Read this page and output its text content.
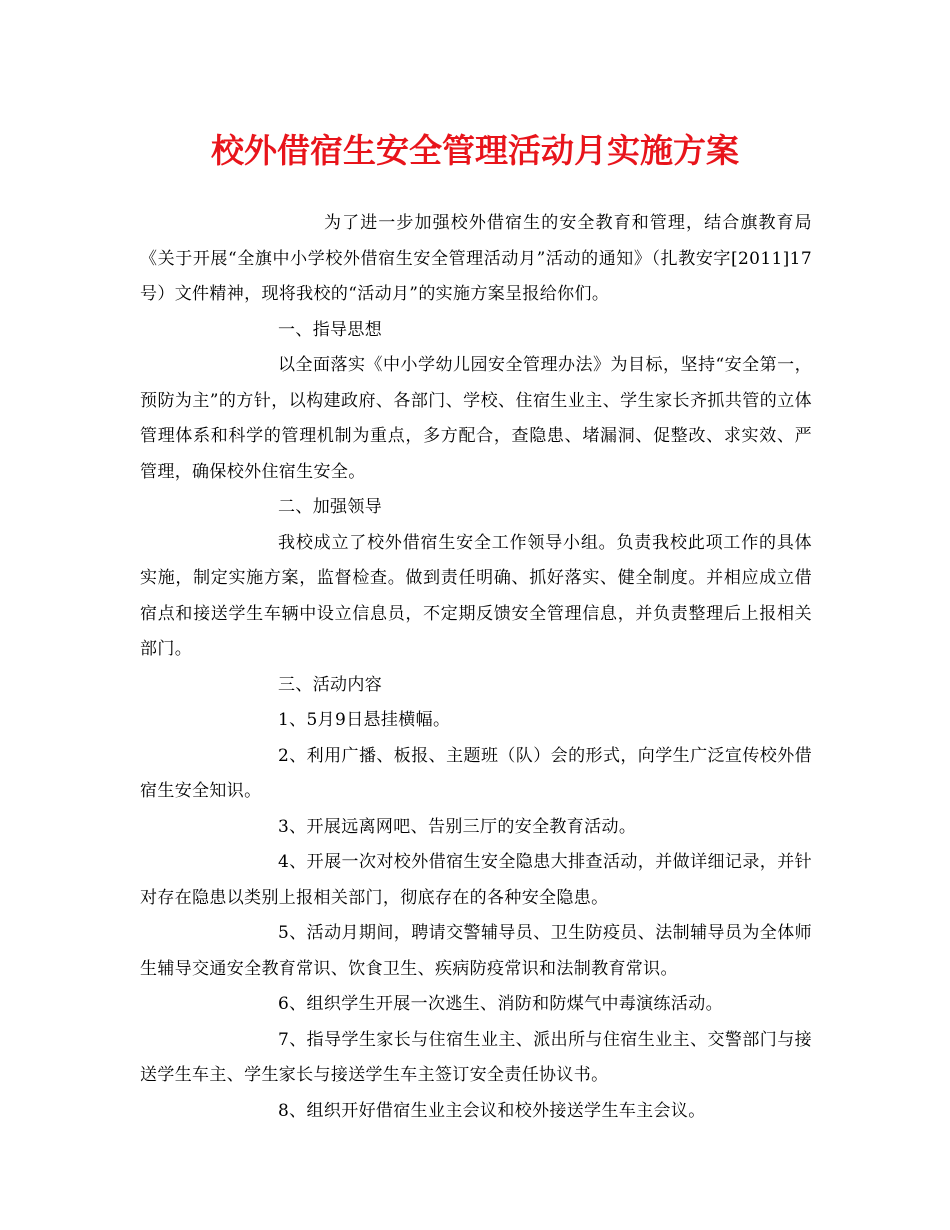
校外借宿生安全管理活动月实施方案

为了进一步加强校外借宿生的安全教育和管理，结合旗教育局《关于开展“全旗中小学校外借宿生安全管理活动月”活动的通知》（扎教安字[2011]17号）文件精神，现将我校的“活动月”的实施方案呈报给你们。

一、指导思想

以全面落实《中小学幼儿园安全管理办法》为目标，坚持“安全第一，预防为主”的方针，以构建政府、各部门、学校、住宿生业主、学生家长齐抓共管的立体管理体系和科学的管理机制为重点，多方配合，查隐患、堵漏洞、促整改、求实效、严管理，确保校外住宿生安全。

二、加强领导

我校成立了校外借宿生安全工作领导小组。负责我校此项工作的具体实施，制定实施方案，监督检查。做到责任明确、抓好落实、健全制度。并相应成立借宿点和接送学生车辆中设立信息员，不定期反馈安全管理信息，并负责整理后上报相关部门。

三、活动内容

1、5月9日悬挂横幅。

2、利用广播、板报、主题班（队）会的形式，向学生广泛宣传校外借宿生安全知识。

3、开展远离网吧、告别三厅的安全教育活动。

4、开展一次对校外借宿生安全隐患大排查活动，并做详细记录，并针对存在隐患以类别上报相关部门，彻底存在的各种安全隐患。

5、活动月期间，聘请交警辅导员、卫生防疫员、法制辅导员为全体师生辅导交通安全教育常识、饮食卫生、疾病防疫常识和法制教育常识。

6、组织学生开展一次逃生、消防和防煤气中毒演练活动。

7、指导学生家长与住宿生业主、派出所与住宿生业主、交警部门与接送学生车主、学生家长与接送学生车主签订安全责任协议书。

8、组织开好借宿生业主会议和校外接送学生车主会议。
